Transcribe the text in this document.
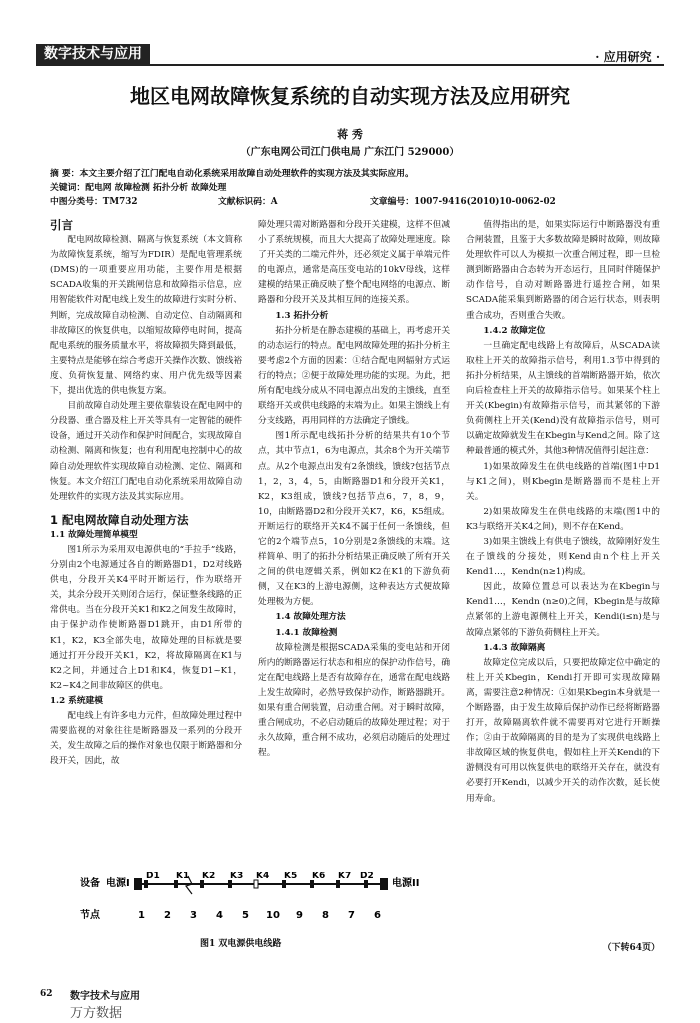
数字技术与应用	· 应用研究 ·
地区电网故障恢复系统的自动实现方法及应用研究
蒋 秀
（广东电网公司江门供电局 广东江门 529000）
摘 要：本文主要介绍了江门配电自动化系统采用故障自动处理软件的实现方法及其实际应用。
关键词：配电网 故障检测 拓扑分析 故障处理
中图分类号：TM732	文献标识码：A	文章编号：1007-9416(2010)10-0062-02

引言

配电网故障检测、隔离与恢复系统（本文简称为故障恢复系统，缩写为FDIR）是配电管理系统(DMS)的一项重要应用功能，主要作用是根据SCADA收集的开关跳闸信息和故障指示信息，应用智能软件对配电线上发生的故障进行实时分析、判断，完成故障自动检测、自动定位、自动隔离和非故障区的恢复供电，以缩短故障停电时间，提高配电系统的服务质量水平，将故障损失降到最低，主要特点是能够在综合考虑开关操作次数、馈线裕度、负荷恢复量、网络约束、用户优先级等因素下，提出优选的供电恢复方案。

目前故障自动处理主要依靠装设在配电网中的分段器、重合器及柱上开关等具有一定智能的硬件设备，通过开关动作和保护时间配合，实现故障自动检测、隔离和恢复；也有利用配电控制中心的故障自动处理软件实现故障自动检测、定位、隔离和恢复。本文介绍江门配电自动化系统采用故障自动处理软件的实现方法及其实际应用。

1 配电网故障自动处理方法

1.1 故障处理简单模型

图1所示为采用双电源供电的“手拉手”线路，分别由2个电源通过各自的断路器D1，D2对线路供电，分段开关K4平时开断运行，作为联络开关，其余分段开关则闭合运行，保证整条线路的正常供电。当在分段开关K1和K2之间发生故障时，由于保护动作使断路器D1跳开，由D1所带的K1，K2，K3全部失电，故障处理的目标就是要通过打开分段开关K1，K2，将故障隔离在K1与K2之间，并通过合上D1和K4，恢复D1~K1，K2~K4之间非故障区的供电。

1.2 系统建模

配电线上有许多电力元件，但故障处理过程中需要监视的对象往往是断路器及一系列的分段开关，发生故障之后的操作对象也仅限于断路器和分段开关，因此，故

障处理只需对断路器和分段开关建模，这样不但减小了系统规模，而且大大提高了故障处理速度。除了开关类的二端元件外，还必须定义属于单端元件的电源点，通常是高压变电站的10kV母线，这样建模的结果正确反映了整个配电网络的电源点、断路器和分段开关及其相互间的连接关系。

1.3 拓扑分析

拓扑分析是在静态建模的基础上，再考虑开关的动态运行的特点。配电网故障处理的拓扑分析主要考虑2个方面的因素：①结合配电网辐射方式运行的特点；②便于故障处理功能的实现。为此，把所有配电线分成从不同电源点出发的主馈线，直至联络开关或供电线路的末端为止。如果主馈线上有分支线路，再用同样的方法确定子馈线。

图1所示配电线拓扑分析的结果共有10个节点，其中节点1，6为电源点，其余8个为开关端节点。从2个电源点出发有2条馈线，馈线?包括节点1，2，3，4，5，由断路器D1和分段开关K1，K2，K3组成，馈线?包括节点6，7，8，9，10，由断路器D2和分段开关K7，K6，K5组成。开断运行的联络开关K4不属于任何一条馈线，但它的2个端节点5，10分别是2条馈线的末端。这样简单、明了的拓扑分析结果正确反映了所有开关之间的供电逻辑关系，例如K2在K1的下游负荷侧，又在K3的上游电源侧，这种表达方式便故障处理极为方便。

1.4 故障处理方法

1.4.1 故障检测

故障检测是根据SCADA采集的变电站和开闭所内的断路器运行状态和相应的保护动作信号，确定在配电线路上是否有故障存在，通常在配电线路上发生故障时，必然导致保护动作，断路器跳开。如果有重合闸装置，启动重合闸。对于瞬时故障，重合闸成功，不必启动随后的故障处理过程；对于永久故障，重合闸不成功，必须启动随后的处理过程。

值得指出的是，如果实际运行中断路器没有重合闸装置，且鉴于大多数故障是瞬时故障，则故障处理软件可以人为模拟一次重合闸过程，即一旦检测到断路器由合态转为开态运行，且同时伴随保护动作信号，自动对断路器进行遥控合闸，如果SCADA能采集到断路器的闭合运行状态，则表明重合成功，否则重合失败。

1.4.2 故障定位

一旦确定配电线路上有故障后，从SCADA读取柱上开关的故障指示信号，利用1.3节中得到的拓扑分析结果，从主馈线的首端断路器开始，依次向后检查柱上开关的故障指示信号。如果某个柱上开关(Kbegin)有故障指示信号，而其紧邻的下游负荷侧柱上开关(Kend)没有故障指示信号，则可以确定故障就发生在Kbegin与Kend之间。除了这种最普通的模式外，其他3种情况值得引起注意：

1)如果故障发生在供电线路的首端(图1中D1与K1之间)，则Kbegin是断路器而不是柱上开关。

2)如果故障发生在供电线路的末端(图1中的K3与联络开关K4之间)，则不存在Kend。

3)如果主馈线上有供电子馈线，故障刚好发生在子馈线的分接处，则Kend由n个柱上开关Kend1…，Kendn(n≥1)构成。

因此，故障位置总可以表达为在Kbegin与Kend1…，Kendn (n≥0)之间，Kbegin是与故障点紧邻的上游电源侧柱上开关，Kendi(i≤n)是与故障点紧邻的下游负荷侧柱上开关。

1.4.3 故障隔离

故障定位完成以后，只要把故障定位中确定的柱上开关Kbegin，Kendi打开即可实现故障隔离，需要注意2种情况：①如果Kbegin本身就是一个断路器，由于发生故障后保护动作已经将断路器打开，故障隔离软件就不需要再对它进行开断操作；②由于故障隔离的目的是为了实现供电线路上非故障区域的恢复供电，假如柱上开关Kendi的下游侧没有可用以恢复供电的联络开关存在，就没有必要打开Kendi，以减少开关的动作次数，延长使用寿命。

（下转64页）
设备 电源I	电源II
D1 K1 K2 K3 K4 K5 K6 K7 D2
节点	1 2 3 4 5 10 9 8 7 6
图1 双电源供电线路
62 数字技术与应用
万方数据
